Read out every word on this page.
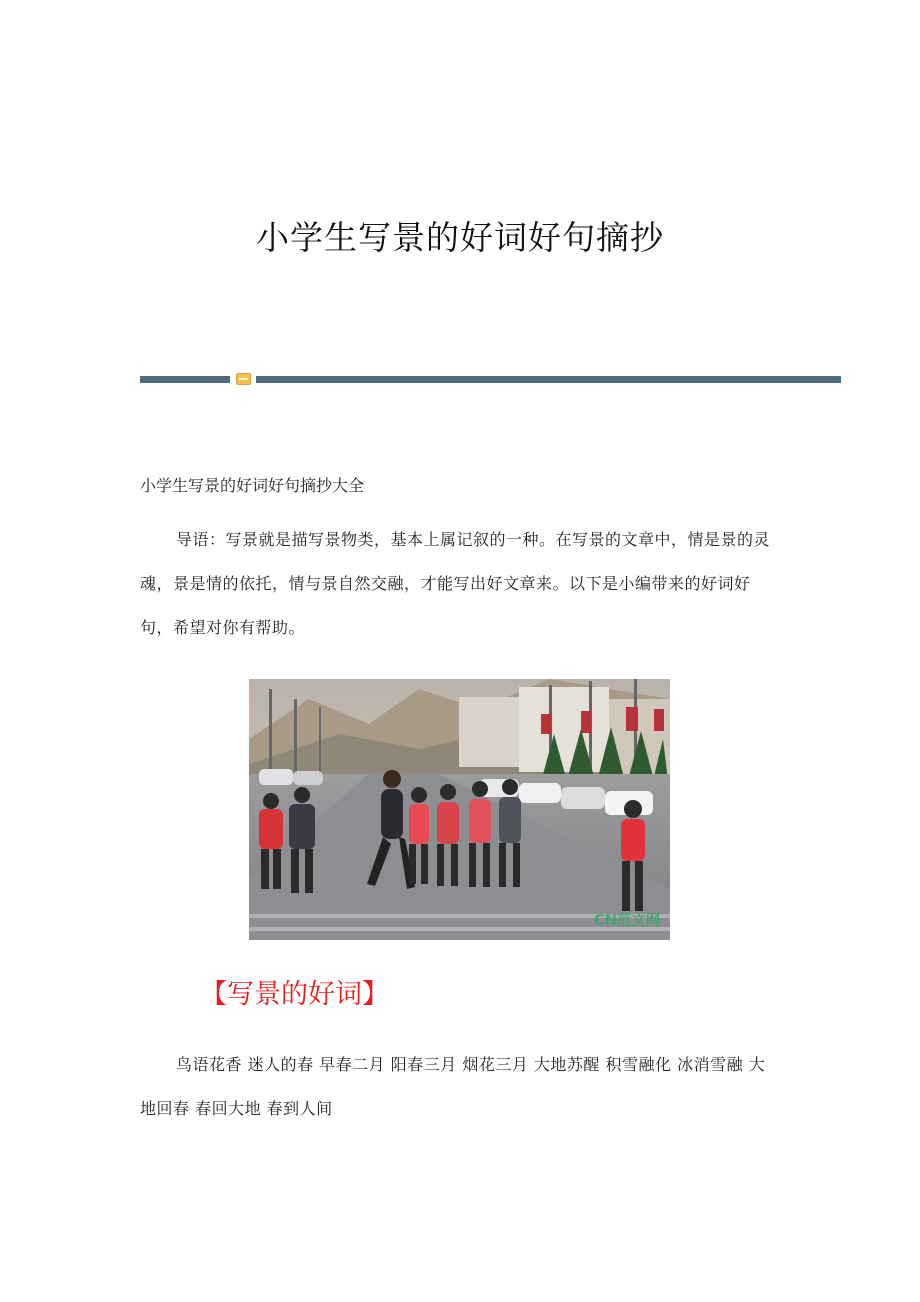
小学生写景的好词好句摘抄

小学生写景的好词好句摘抄大全

导语：写景就是描写景物类，基本上属记叙的一种。在写景的文章中，情是景的灵魂，景是情的依托，情与景自然交融，才能写出好文章来。以下是小编带来的好词好句，希望对你有帮助。

CN范文网
【写景的好词】

鸟语花香 迷人的春 早春二月 阳春三月 烟花三月 大地苏醒 积雪融化 冰消雪融 大地回春 春回大地 春到人间
